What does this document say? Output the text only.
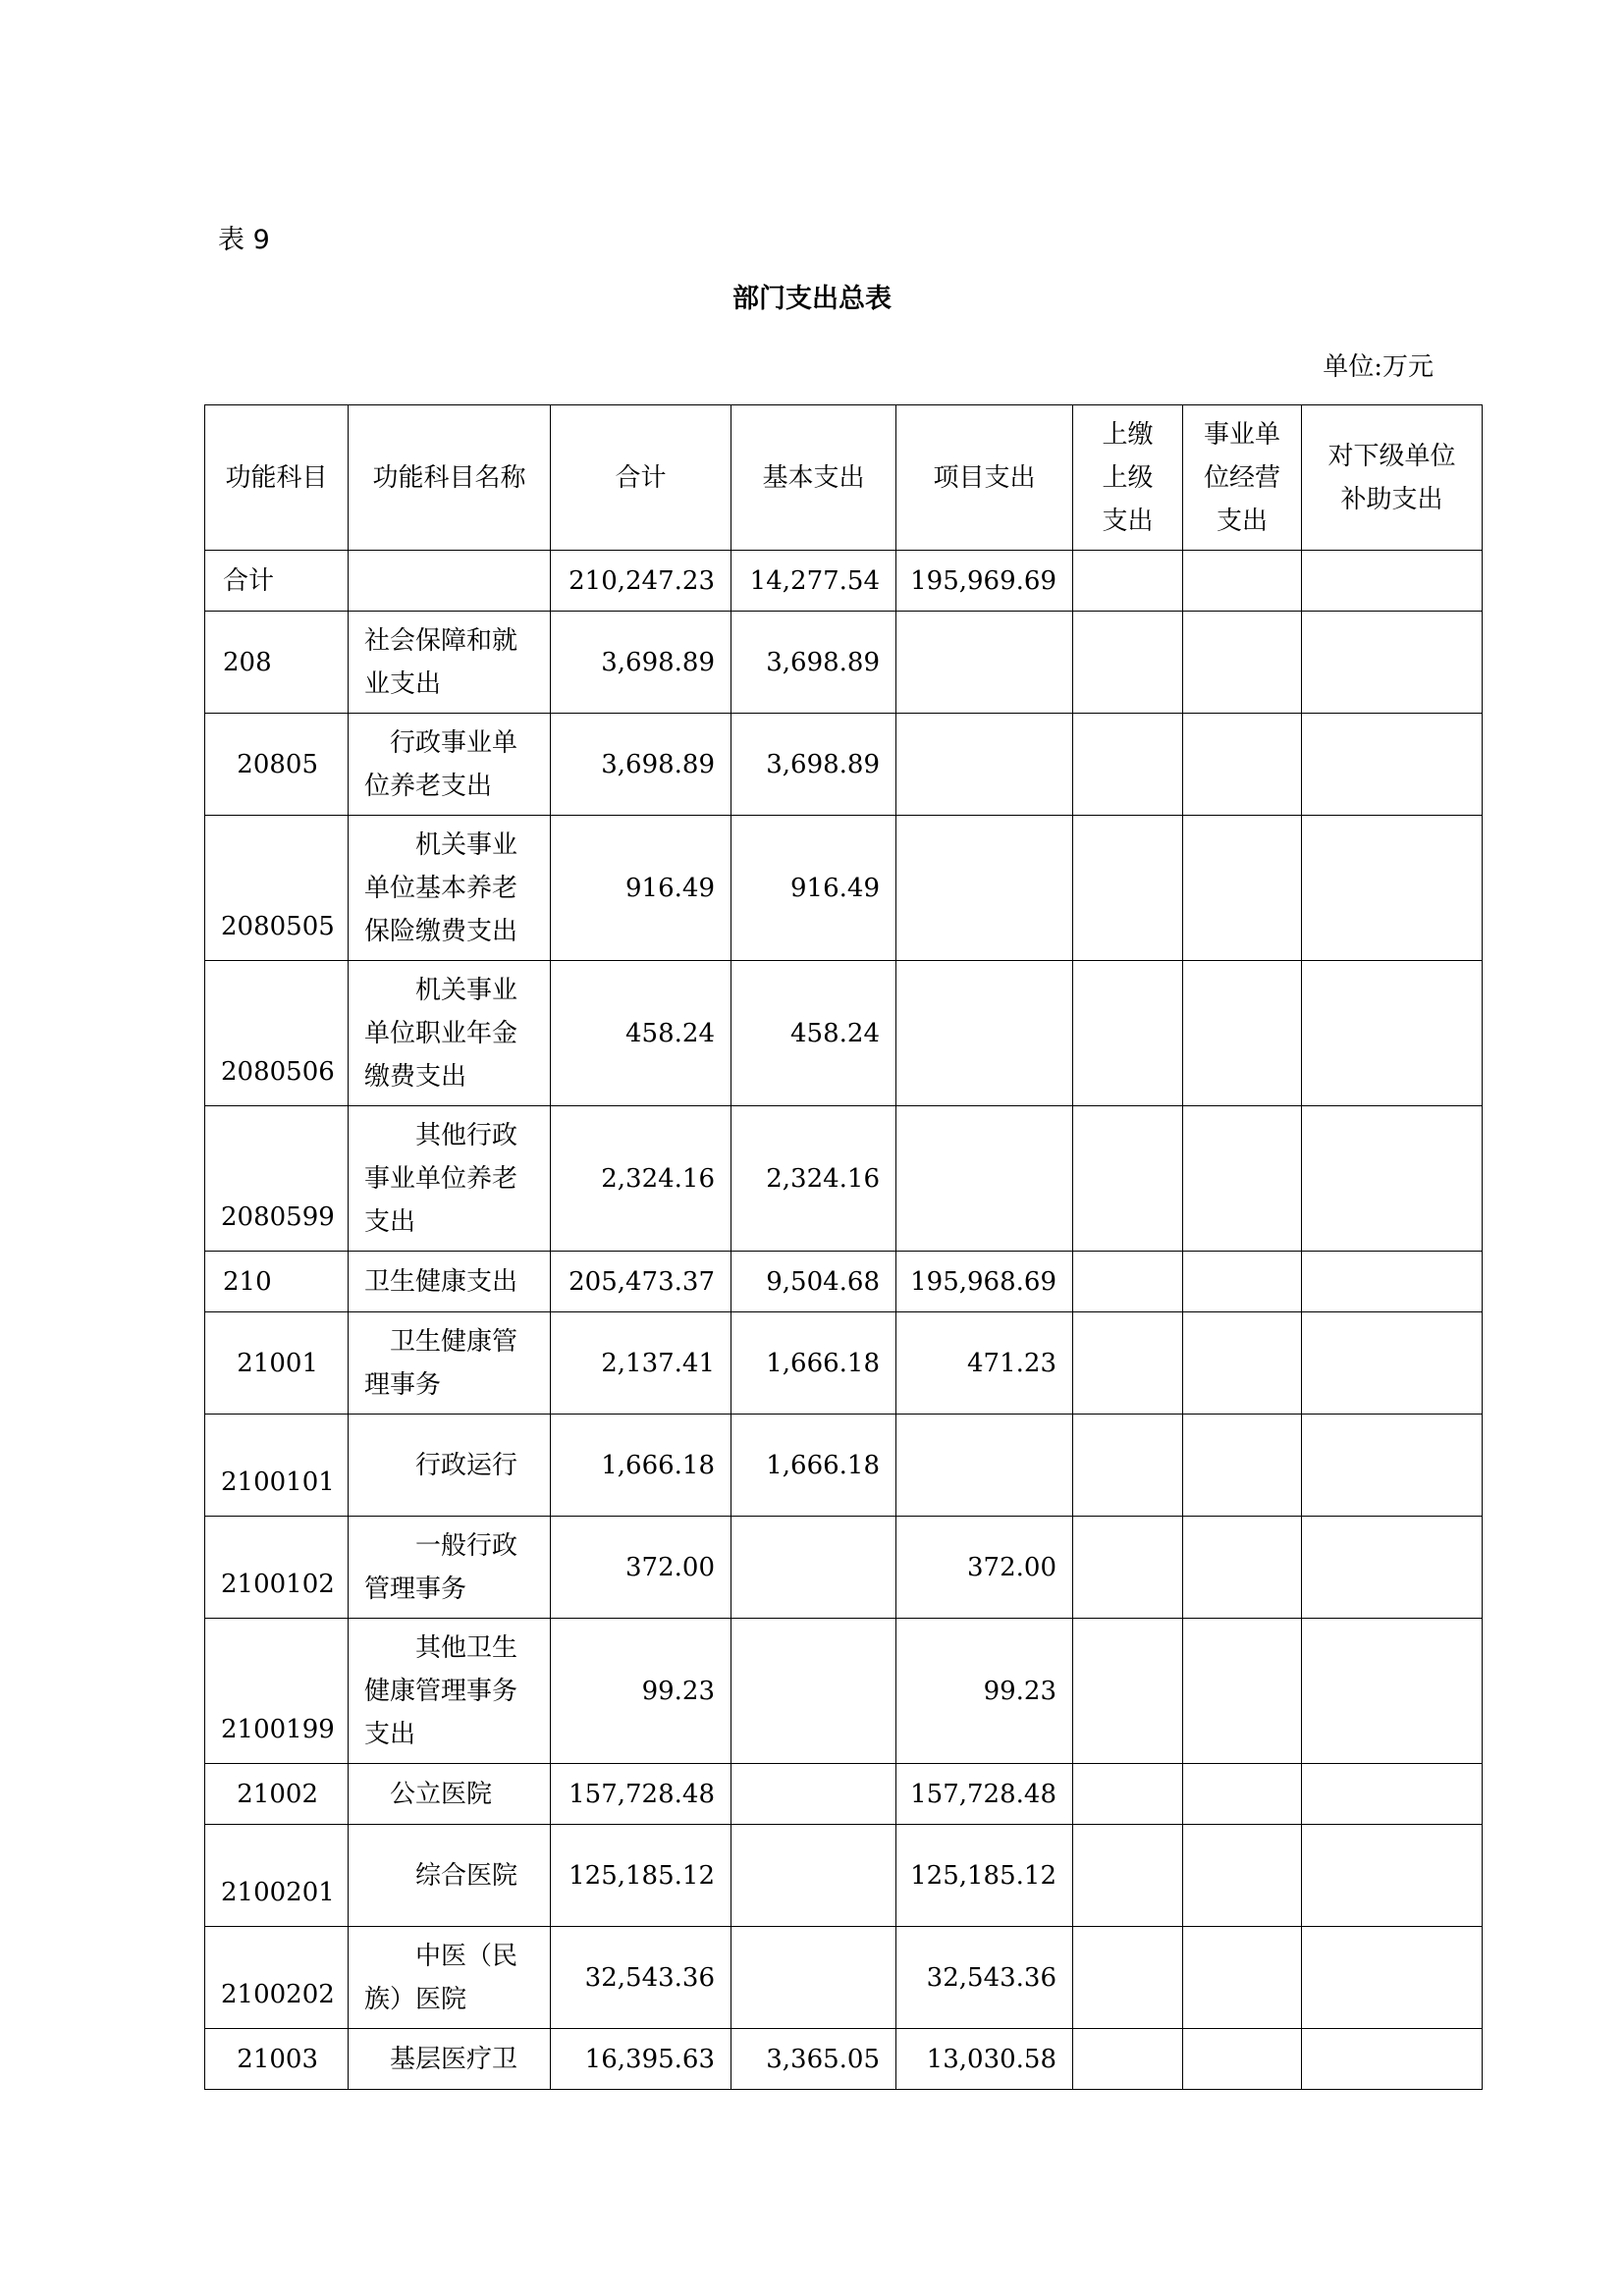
表 9
部门支出总表
单位:万元
功能科目	功能科目名称	合计	基本支出	项目支出	上缴上级支出	事业单位经营支出	对下级单位补助支出
合计		210,247.23	14,277.54	195,969.69			
208	社会保障和就业支出	3,698.89	3,698.89				
20805	行政事业单位养老支出	3,698.89	3,698.89				
2080505	机关事业单位基本养老保险缴费支出	916.49	916.49				
2080506	机关事业单位职业年金缴费支出	458.24	458.24				
2080599	其他行政事业单位养老支出	2,324.16	2,324.16				
210	卫生健康支出	205,473.37	9,504.68	195,968.69			
21001	卫生健康管理事务	2,137.41	1,666.18	471.23			
2100101	行政运行	1,666.18	1,666.18				
2100102	一般行政管理事务	372.00		372.00			
2100199	其他卫生健康管理事务支出	99.23		99.23			
21002	公立医院	157,728.48		157,728.48			
2100201	综合医院	125,185.12		125,185.12			
2100202	中医（民族）医院	32,543.36		32,543.36			
21003	基层医疗卫	16,395.63	3,365.05	13,030.58			
